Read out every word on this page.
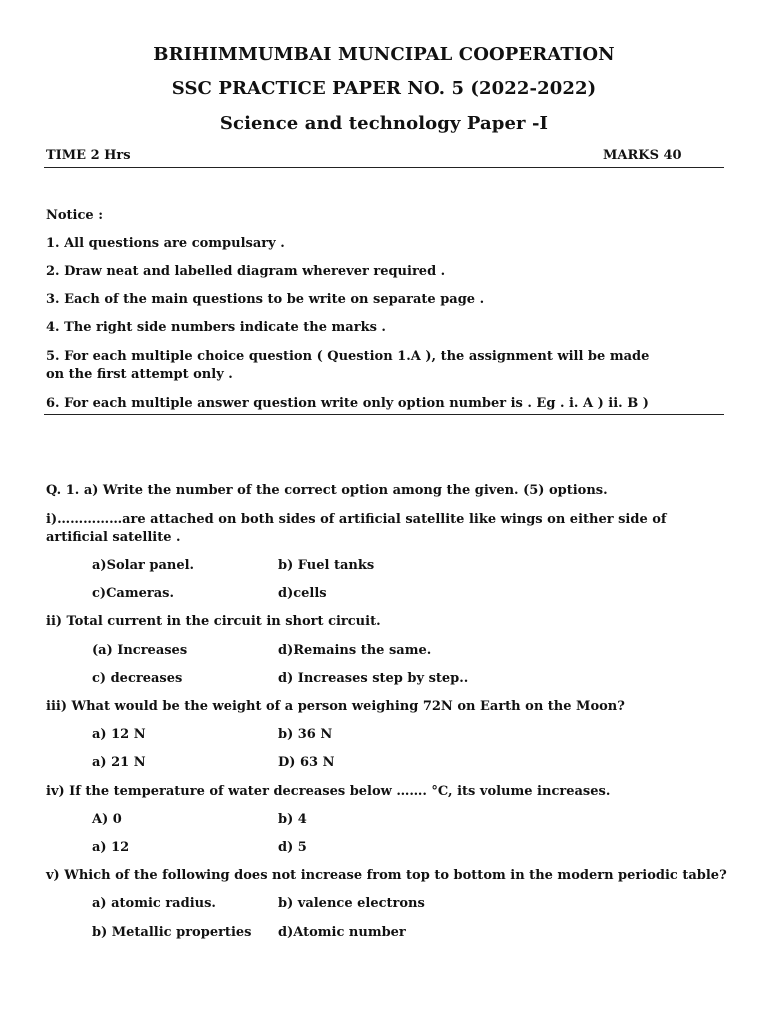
BRIHIMMUMBAI MUNCIPAL COOPERATION
SSC PRACTICE PAPER NO. 5 (2022-2022)
Science and technology Paper -I
TIME 2 Hrs	MARKS 40
Notice :
1. All questions are compulsary .
2. Draw neat and labelled diagram wherever required .
3. Each of the main questions to be write on separate page .
4. The right side numbers indicate the marks .
5. For each multiple choice question ( Question 1.A ), the assignment will be made on the first attempt only .
6. For each multiple answer question write only option number is . Eg . i. A ) ii. B )
Q. 1. a) Write the number of the correct option among the given. (5) options.
i)……………are attached on both sides of artificial satellite like wings on either side of artificial satellite .
a)Solar panel.	b) Fuel tanks
c)Cameras.	d)cells
ii) Total current in the circuit in short circuit.
(a) Increases	d)Remains the same.
c) decreases	d) Increases step by step..
iii) What would be the weight of a person weighing 72N on Earth on the Moon?
a) 12 N	b) 36 N
a) 21 N	D) 63 N
iv) If the temperature of water decreases below ……. °C, its volume increases.
A) 0	b) 4
a) 12	d) 5
v) Which of the following does not increase from top to bottom in the modern periodic table?
a) atomic radius.	b) valence electrons
b) Metallic properties d)Atomic number
